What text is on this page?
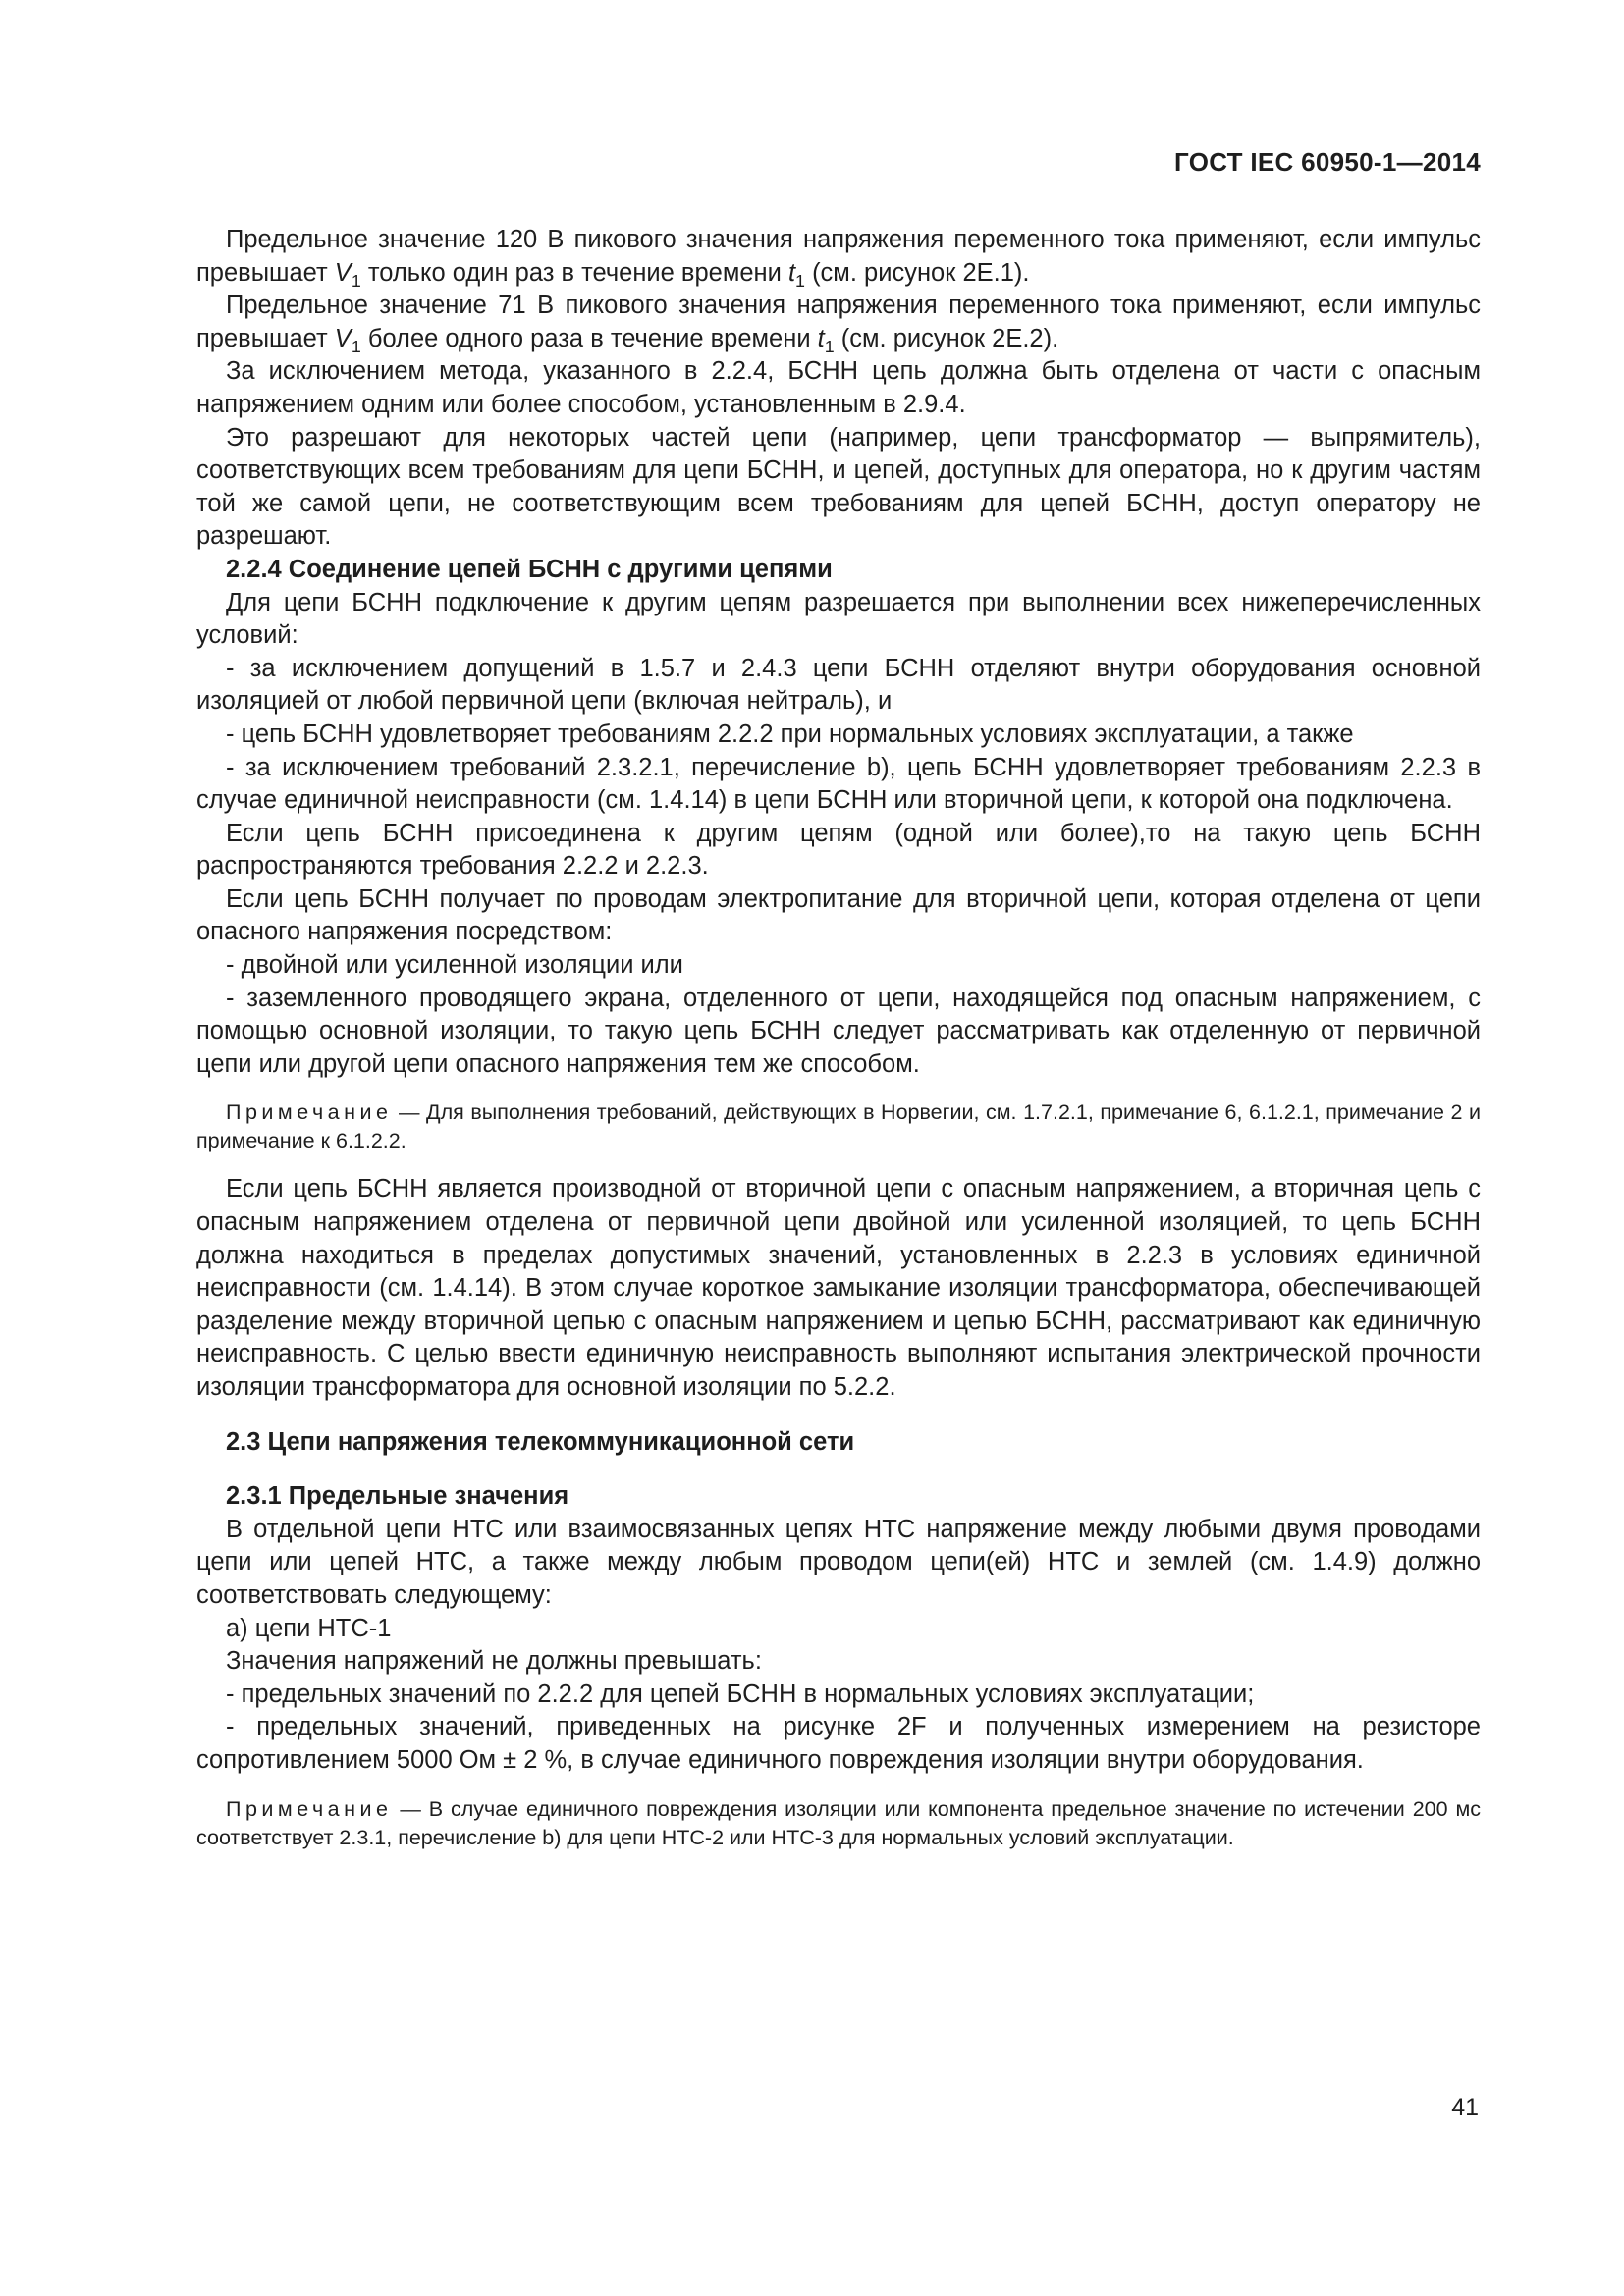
ГОСТ IEC 60950-1—2014

Предельное значение 120 В пикового значения напряжения переменного тока применяют, если импульс превышает $V_1$ только один раз в течение времени $t_1$ (см. рисунок 2Е.1).

Предельное значение 71 В пикового значения напряжения переменного тока применяют, если импульс превышает $V_1$ более одного раза в течение времени $t_1$ (см. рисунок 2Е.2).

За исключением метода, указанного в 2.2.4, БСНН цепь должна быть отделена от части с опасным напряжением одним или более способом, установленным в 2.9.4.

Это разрешают для некоторых частей цепи (например, цепи трансформатор — выпрямитель), соответствующих всем требованиям для цепи БСНН, и цепей, доступных для оператора, но к другим частям той же самой цепи, не соответствующим всем требованиям для цепей БСНН, доступ оператору не разрешают.

2.2.4 Соединение цепей БСНН с другими цепями

Для цепи БСНН подключение к другим цепям разрешается при выполнении всех нижеперечисленных условий:

- за исключением допущений в 1.5.7 и 2.4.3 цепи БСНН отделяют внутри оборудования основной изоляцией от любой первичной цепи (включая нейтраль), и

- цепь БСНН удовлетворяет требованиям 2.2.2 при нормальных условиях эксплуатации, а также

- за исключением требований 2.3.2.1, перечисление b), цепь БСНН удовлетворяет требованиям 2.2.3 в случае единичной неисправности (см. 1.4.14) в цепи БСНН или вторичной цепи, к которой она подключена.

Если цепь БСНН присоединена к другим цепям (одной или более),то на такую цепь БСНН распространяются требования 2.2.2 и 2.2.3.

Если цепь БСНН получает по проводам электропитание для вторичной цепи, которая отделена от цепи опасного напряжения посредством:

- двойной или усиленной изоляции или

- заземленного проводящего экрана, отделенного от цепи, находящейся под опасным напряжением, с помощью основной изоляции, то такую цепь БСНН следует рассматривать как отделенную от первичной цепи или другой цепи опасного напряжения тем же способом.

Примечание — Для выполнения требований, действующих в Норвегии, см. 1.7.2.1, примечание 6, 6.1.2.1, примечание 2 и примечание к 6.1.2.2.

Если цепь БСНН является производной от вторичной цепи с опасным напряжением, а вторичная цепь с опасным напряжением отделена от первичной цепи двойной или усиленной изоляцией, то цепь БСНН должна находиться в пределах допустимых значений, установленных в 2.2.3 в условиях единичной неисправности (см. 1.4.14). В этом случае короткое замыкание изоляции трансформатора, обеспечивающей разделение между вторичной цепью с опасным напряжением и цепью БСНН, рассматривают как единичную неисправность. С целью ввести единичную неисправность выполняют испытания электрической прочности изоляции трансформатора для основной изоляции по 5.2.2.

2.3 Цепи напряжения телекоммуникационной сети

2.3.1 Предельные значения

В отдельной цепи НТС или взаимосвязанных цепях НТС напряжение между любыми двумя проводами цепи или цепей НТС, а также между любым проводом цепи(ей) НТС и землей (см. 1.4.9) должно соответствовать следующему:

а) цепи НТС-1

Значения напряжений не должны превышать:

- предельных значений по 2.2.2 для цепей БСНН в нормальных условиях эксплуатации;

- предельных значений, приведенных на рисунке 2F и полученных измерением на резисторе сопротивлением 5000 Ом ± 2 %, в случае единичного повреждения изоляции внутри оборудования.

Примечание — В случае единичного повреждения изоляции или компонента предельное значение по истечении 200 мс соответствует 2.3.1, перечисление b) для цепи НТС-2 или НТС-3 для нормальных условий эксплуатации.

41
